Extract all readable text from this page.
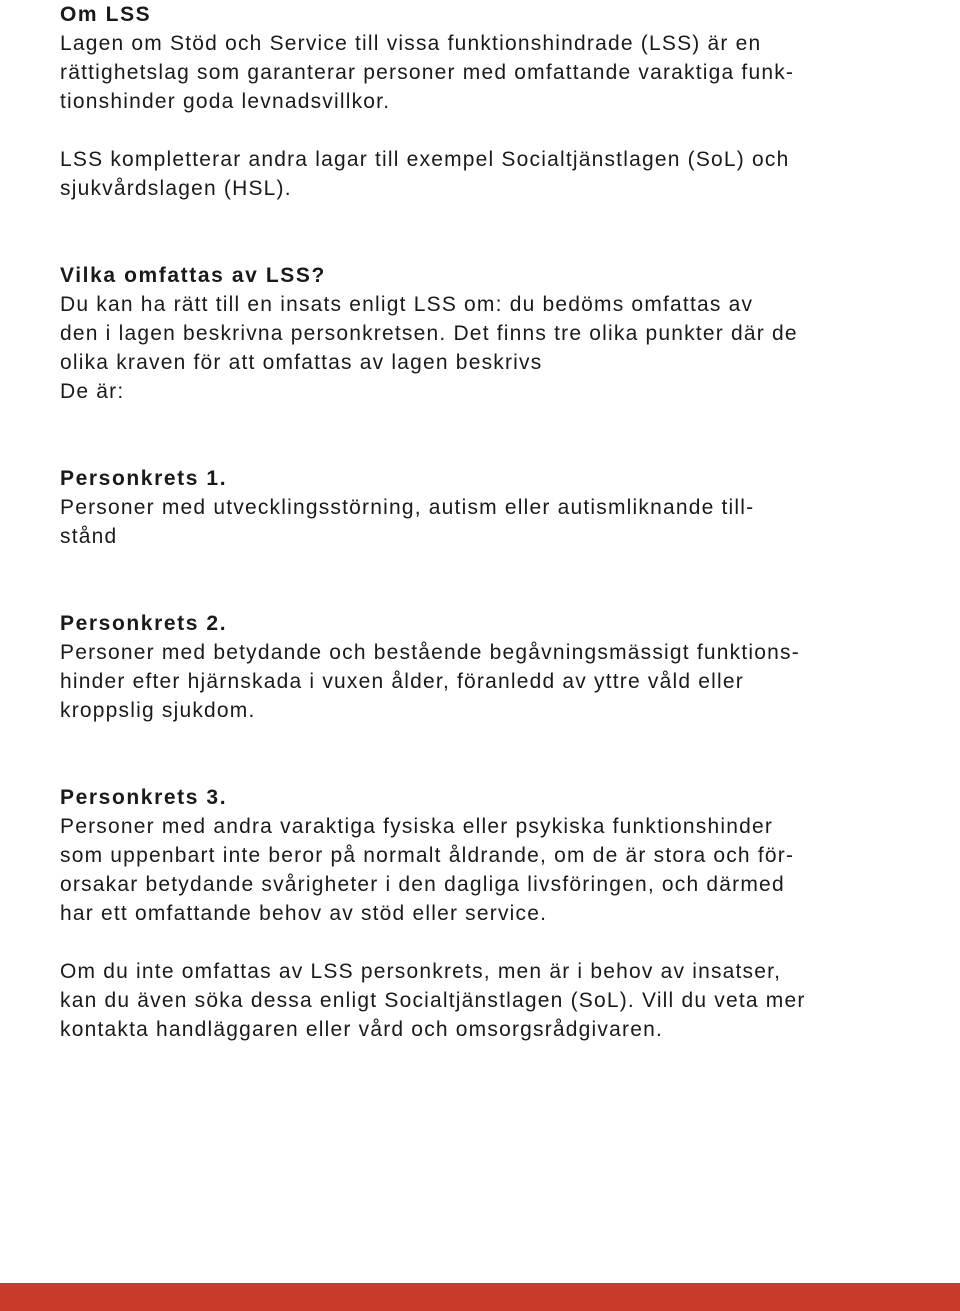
Om LSS
Lagen om Stöd och Service till vissa funktionshindrade (LSS) är en
rättighetslag som garanterar personer med omfattande varaktiga funk-
tionshinder goda levnadsvillkor.
LSS kompletterar andra lagar till exempel Socialtjänstlagen (SoL) och
sjukvårdslagen (HSL).
Vilka omfattas av LSS?
Du kan ha rätt till en insats enligt LSS om: du bedöms omfattas av
den i lagen beskrivna personkretsen. Det finns tre olika punkter där de
olika kraven för att omfattas av lagen beskrivs
De är:
Personkrets 1.
Personer med utvecklingsstörning, autism eller autismliknande till-
stånd
Personkrets 2.
Personer med betydande och bestående begåvningsmässigt funktions-
hinder efter hjärnskada i vuxen ålder, föranledd av yttre våld eller
kroppslig sjukdom.
Personkrets 3.
Personer med andra varaktiga fysiska eller psykiska funktionshinder
som uppenbart inte beror på normalt åldrande, om de är stora och för-
orsakar betydande svårigheter i den dagliga livsföringen, och därmed
har ett omfattande behov av stöd eller service.
Om du inte omfattas av LSS personkrets, men är i behov av insatser,
kan du även söka dessa enligt Socialtjänstlagen (SoL). Vill du veta mer
kontakta handläggaren eller vård och omsorgsrådgivaren.
